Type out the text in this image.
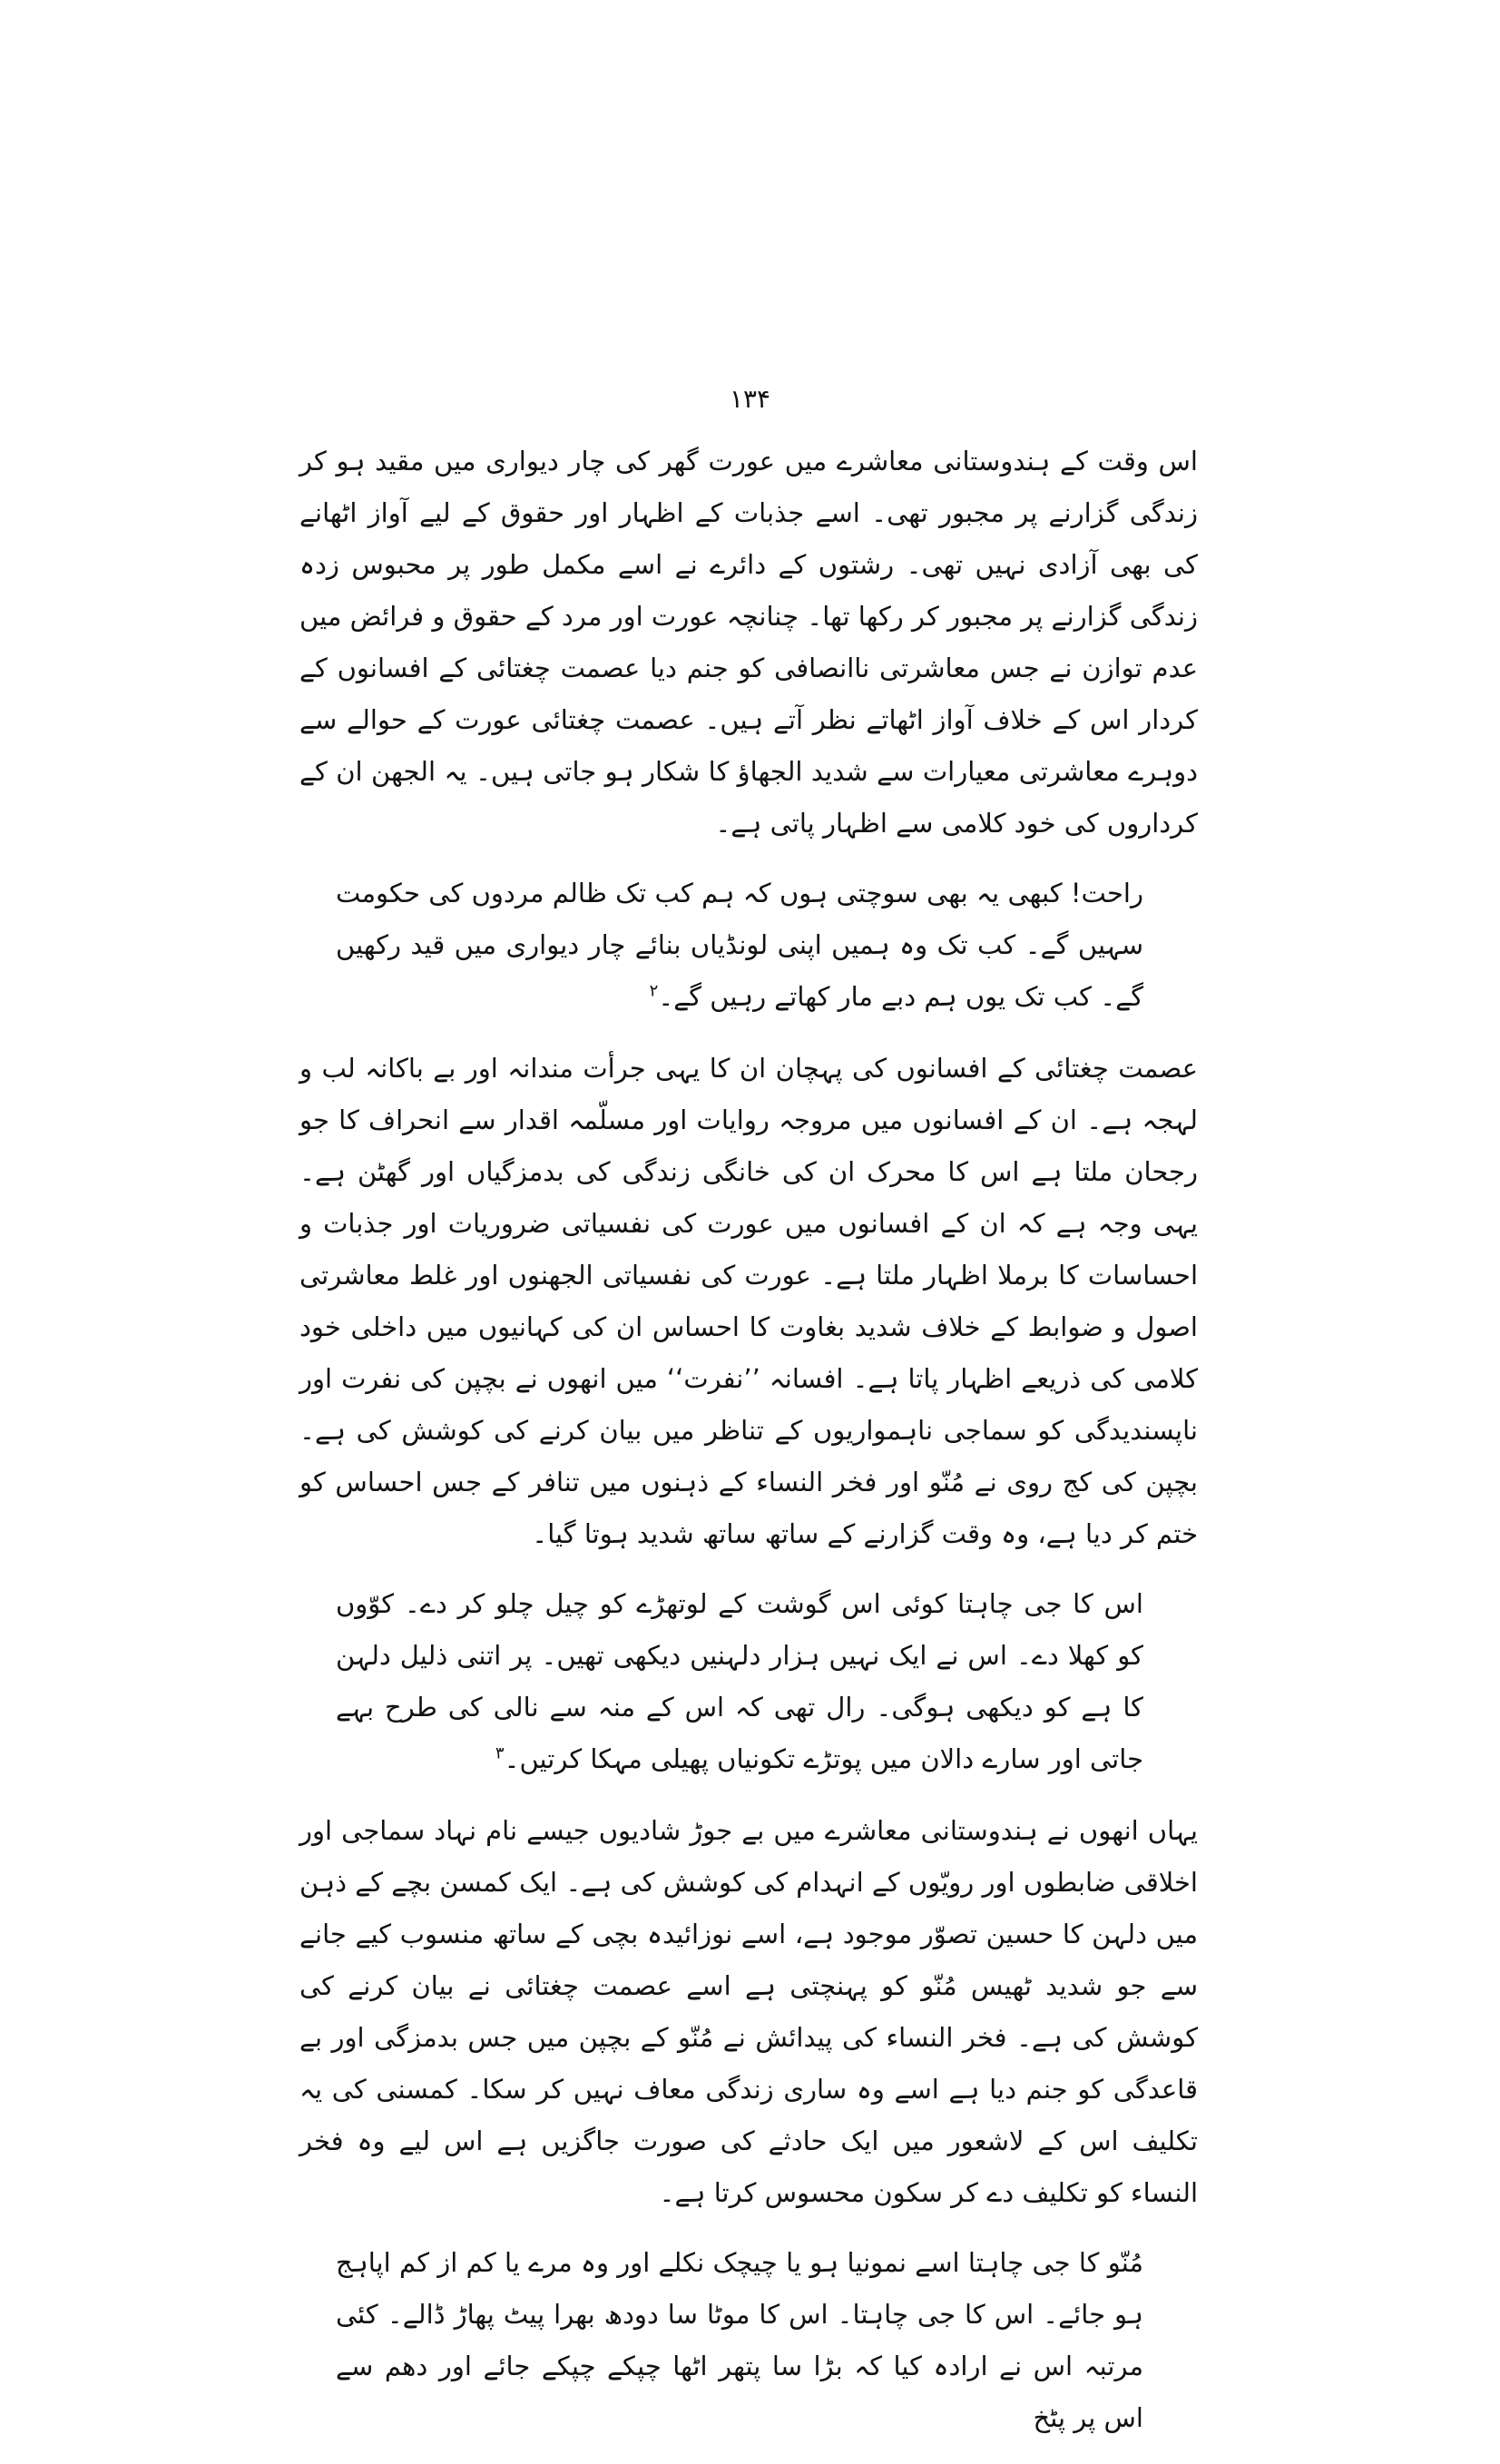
۱۳۴

اس وقت کے ہندوستانی معاشرے میں عورت گھر کی چار دیواری میں مقید ہو کر زندگی گزارنے پر مجبور تھی۔ اسے جذبات کے اظہار اور حقوق کے لیے آواز اٹھانے کی بھی آزادی نہیں تھی۔ رشتوں کے دائرے نے اسے مکمل طور پر محبوس زدہ زندگی گزارنے پر مجبور کر رکھا تھا۔ چنانچہ عورت اور مرد کے حقوق و فرائض میں عدم توازن نے جس معاشرتی ناانصافی کو جنم دیا عصمت چغتائی کے افسانوں کے کردار اس کے خلاف آواز اٹھاتے نظر آتے ہیں۔ عصمت چغتائی عورت کے حوالے سے دوہرے معاشرتی معیارات سے شدید الجھاؤ کا شکار ہو جاتی ہیں۔ یہ الجھن ان کے کرداروں کی خود کلامی سے اظہار پاتی ہے۔

راحت! کبھی یہ بھی سوچتی ہوں کہ ہم کب تک ظالم مردوں کی حکومت سہیں گے۔ کب تک وہ ہمیں اپنی لونڈیاں بنائے چار دیواری میں قید رکھیں گے۔ کب تک یوں ہم دبے مار کھاتے رہیں گے۔$^۲$

عصمت چغتائی کے افسانوں کی پہچان ان کا یہی جرأت مندانہ اور بے باکانہ لب و لہجہ ہے۔ ان کے افسانوں میں مروجہ روایات اور مسلّمہ اقدار سے انحراف کا جو رجحان ملتا ہے اس کا محرک ان کی خانگی زندگی کی بدمزگیاں اور گھٹن ہے۔ یہی وجہ ہے کہ ان کے افسانوں میں عورت کی نفسیاتی ضروریات اور جذبات و احساسات کا برملا اظہار ملتا ہے۔ عورت کی نفسیاتی الجھنوں اور غلط معاشرتی اصول و ضوابط کے خلاف شدید بغاوت کا احساس ان کی کہانیوں میں داخلی خود کلامی کی ذریعے اظہار پاتا ہے۔ افسانہ ’’نفرت‘‘ میں انھوں نے بچپن کی نفرت اور ناپسندیدگی کو سماجی ناہمواریوں کے تناظر میں بیان کرنے کی کوشش کی ہے۔ بچپن کی کج روی نے مُنّو اور فخر النساء کے ذہنوں میں تنافر کے جس احساس کو ختم کر دیا ہے، وہ وقت گزارنے کے ساتھ ساتھ شدید ہوتا گیا۔

اس کا جی چاہتا کوئی اس گوشت کے لوتھڑے کو چیل چلو کر دے۔ کوّوں کو کھلا دے۔ اس نے ایک نہیں ہزار دلہنیں دیکھی تھیں۔ پر اتنی ذلیل دلہن کا ہے کو دیکھی ہوگی۔ رال تھی کہ اس کے منہ سے نالی کی طرح بہے جاتی اور سارے دالان میں پوتڑے تکونیاں پھیلی مہکا کرتیں۔$^۳$

یہاں انھوں نے ہندوستانی معاشرے میں بے جوڑ شادیوں جیسے نام نہاد سماجی اور اخلاقی ضابطوں اور رویّوں کے انہدام کی کوشش کی ہے۔ ایک کمسن بچے کے ذہن میں دلہن کا حسین تصوّر موجود ہے، اسے نوزائیدہ بچی کے ساتھ منسوب کیے جانے سے جو شدید ٹھیس مُنّو کو پہنچتی ہے اسے عصمت چغتائی نے بیان کرنے کی کوشش کی ہے۔ فخر النساء کی پیدائش نے مُنّو کے بچپن میں جس بدمزگی اور بے قاعدگی کو جنم دیا ہے اسے وہ ساری زندگی معاف نہیں کر سکا۔ کمسنی کی یہ تکلیف اس کے لاشعور میں ایک حادثے کی صورت جاگزیں ہے اس لیے وہ فخر النساء کو تکلیف دے کر سکون محسوس کرتا ہے۔

مُنّو کا جی چاہتا اسے نمونیا ہو یا چیچک نکلے اور وہ مرے یا کم از کم اپاہج ہو جائے۔ اس کا جی چاہتا۔ اس کا موٹا سا دودھ بھرا پیٹ پھاڑ ڈالے۔ کئی مرتبہ اس نے ارادہ کیا کہ بڑا سا پتھر اٹھا چپکے چپکے جائے اور دھم سے اس پر پٹخ
